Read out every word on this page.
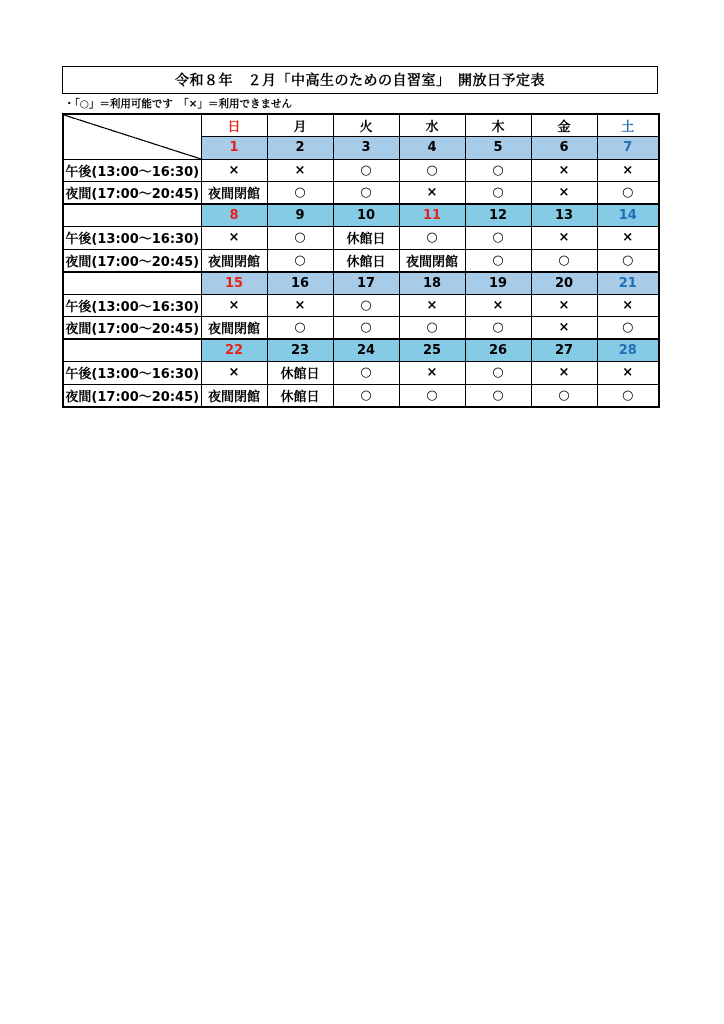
令和８年　２月「中高生のための自習室」　開放日予定表
・「○」＝利用可能です　「×」＝利用できません
	日	月	火	水	木	金	土
	1	2	3	4	5	6	7
午後(13:00～16:30)	×	×	○	○	○	×	×
夜間(17:00～20:45)	夜間閉館	○	○	×	○	×	○
	8	9	10	11	12	13	14
午後(13:00～16:30)	×	○	休館日	○	○	×	×
夜間(17:00～20:45)	夜間閉館	○	休館日	夜間閉館	○	○	○
	15	16	17	18	19	20	21
午後(13:00～16:30)	×	×	○	×	×	×	×
夜間(17:00～20:45)	夜間閉館	○	○	○	○	×	○
	22	23	24	25	26	27	28
午後(13:00～16:30)	×	休館日	○	×	○	×	×
夜間(17:00～20:45)	夜間閉館	休館日	○	○	○	○	○
